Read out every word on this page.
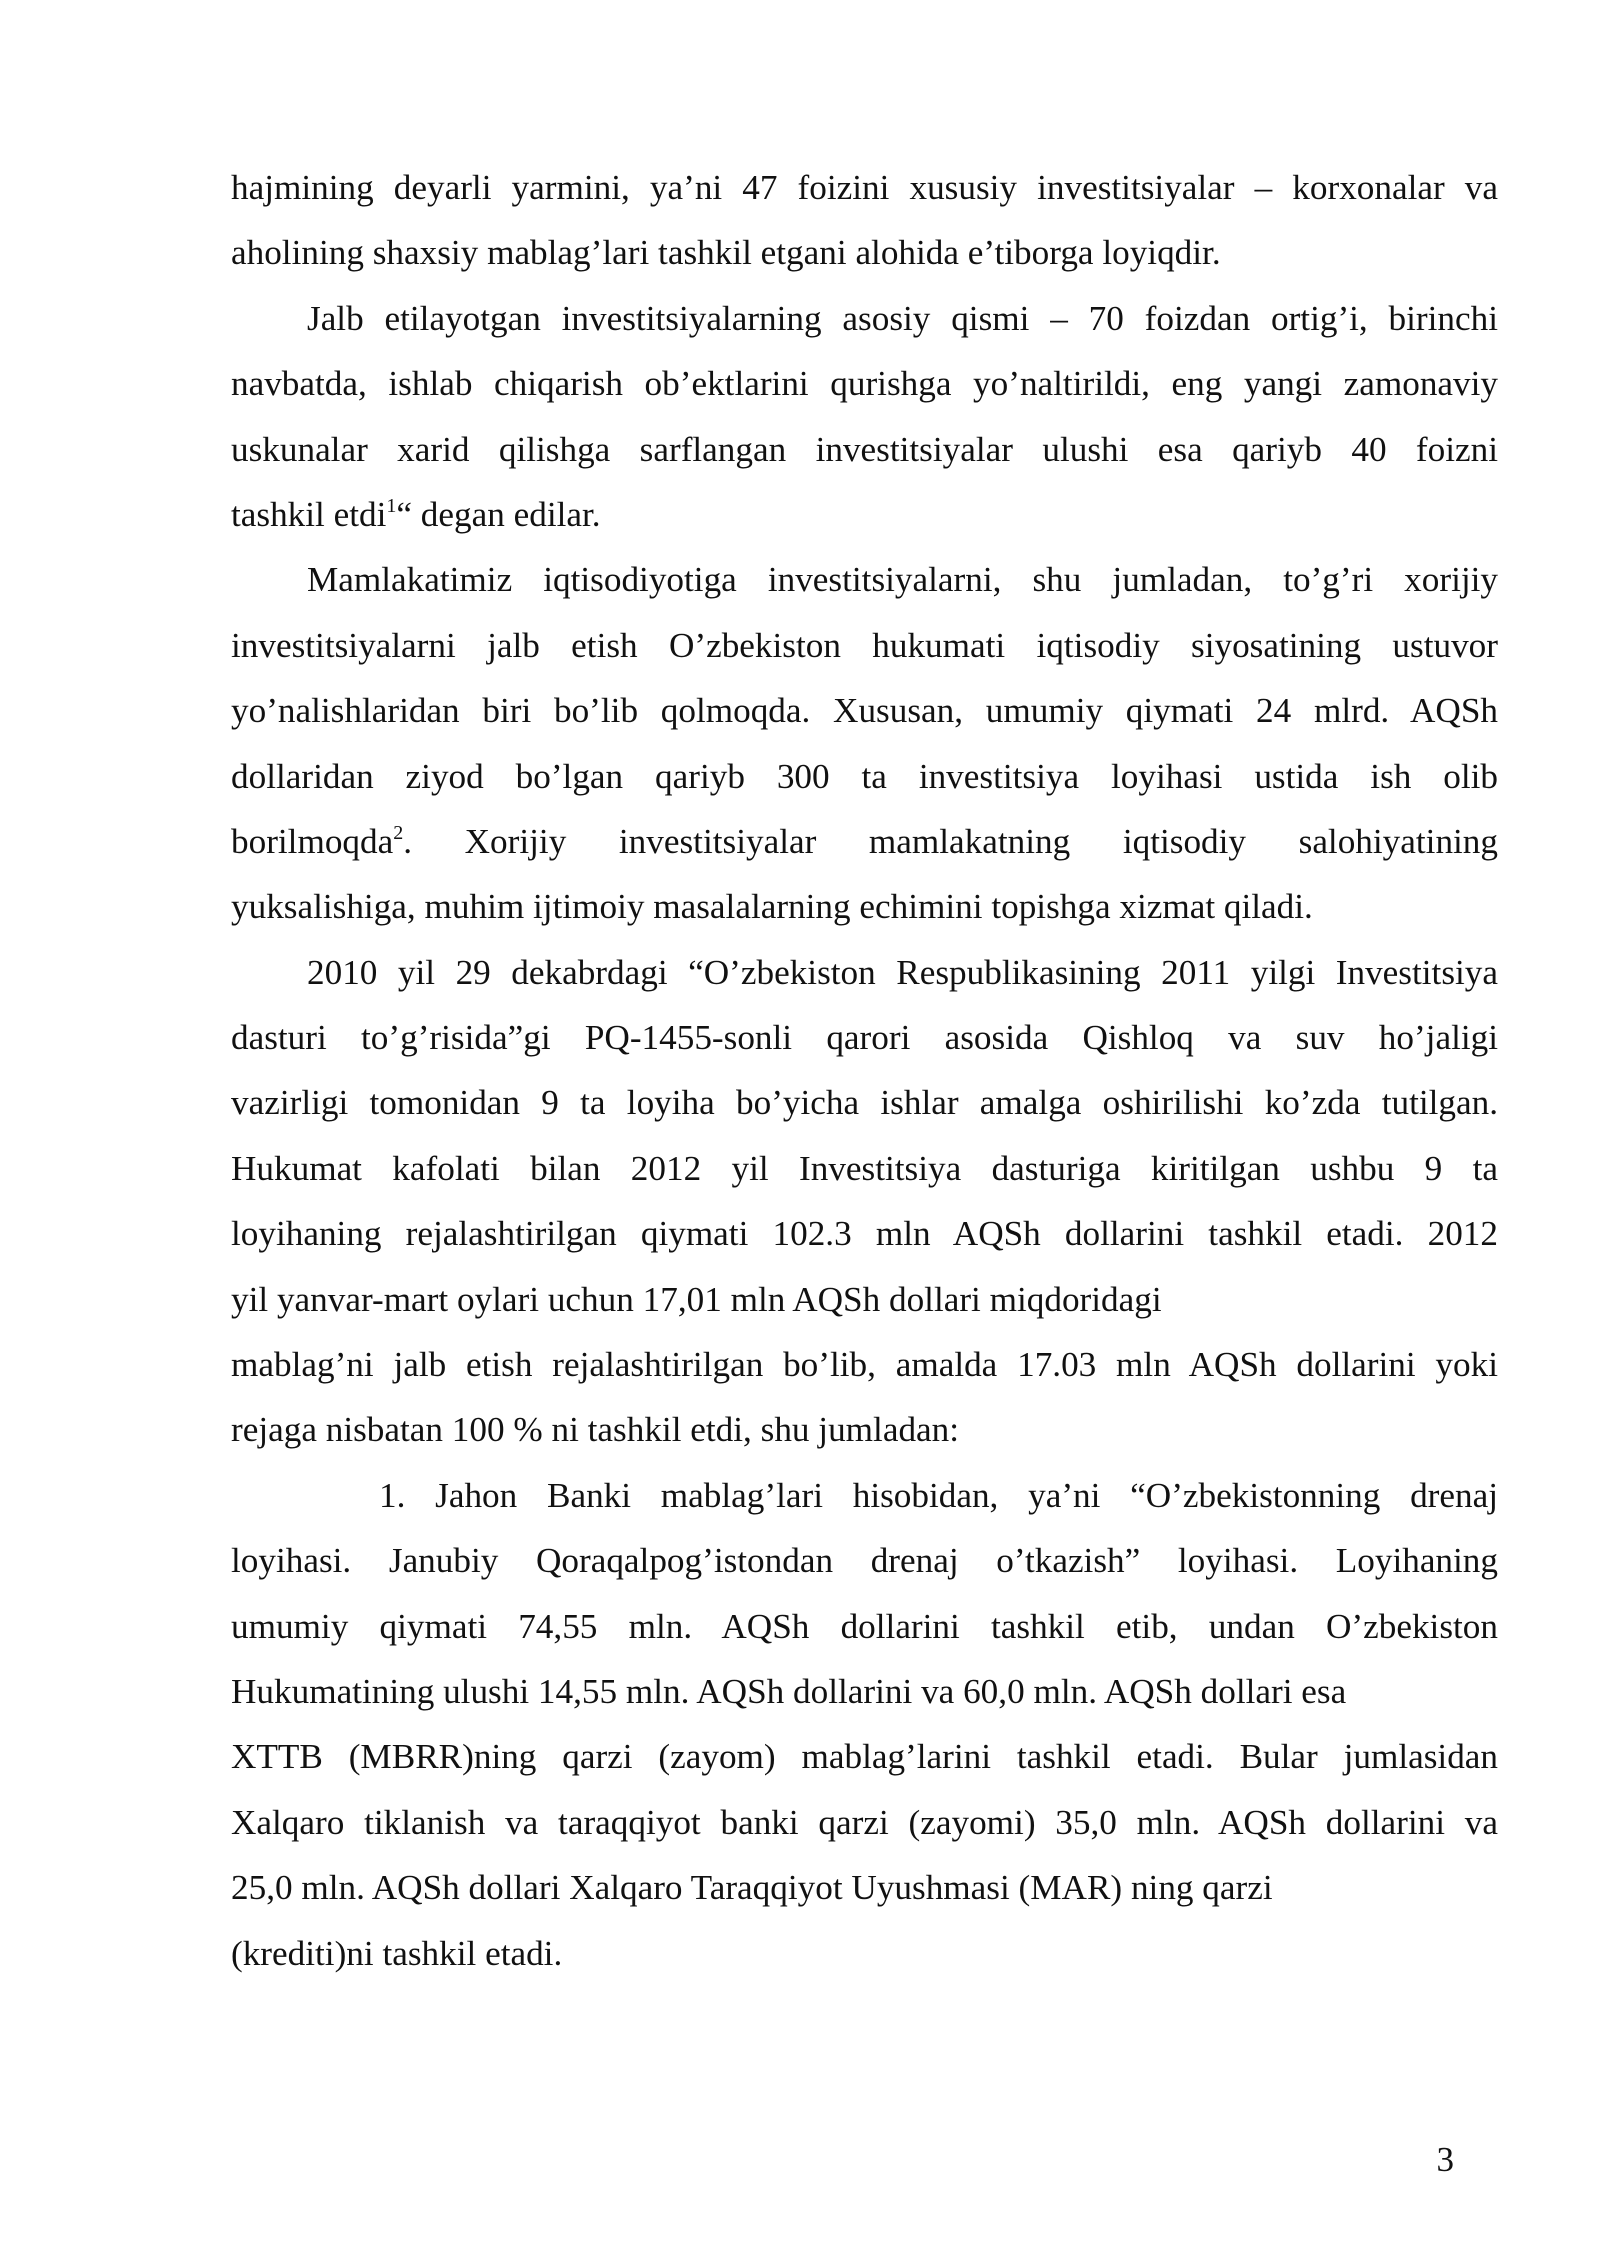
hajmining deyarli yarmini, ya’ni 47 foizini xususiy investitsiyalar – korxonalar va
aholining shaxsiy mablag’lari tashkil etgani alohida e’tiborga loyiqdir.
Jalb etilayotgan investitsiyalarning asosiy qismi – 70 foizdan ortig’i, birinchi
navbatda, ishlab chiqarish ob’ektlarini qurishga yo’naltirildi, eng yangi zamonaviy
uskunalar xarid qilishga sarflangan investitsiyalar ulushi esa qariyb 40 foizni
tashkil etdi$^1$“ degan edilar.
Mamlakatimiz iqtisodiyotiga investitsiyalarni, shu jumladan, to’g’ri xorijiy
investitsiyalarni jalb etish O’zbekiston hukumati iqtisodiy siyosatining ustuvor
yo’nalishlaridan biri bo’lib qolmoqda. Xususan, umumiy qiymati 24 mlrd. AQSh
dollaridan ziyod bo’lgan qariyb 300 ta investitsiya loyihasi ustida ish olib
borilmoqda$^2$. Xorijiy investitsiyalar mamlakatning iqtisodiy salohiyatining
yuksalishiga, muhim ijtimoiy masalalarning echimini topishga xizmat qiladi.
2010 yil 29 dekabrdagi “O’zbekiston Respublikasining 2011 yilgi Investitsiya
dasturi to’g’risida”gi PQ-1455-sonli qarori asosida Qishloq va suv ho’jaligi
vazirligi tomonidan 9 ta loyiha bo’yicha ishlar amalga oshirilishi ko’zda tutilgan.
Hukumat kafolati bilan 2012 yil Investitsiya dasturiga kiritilgan ushbu 9 ta
loyihaning rejalashtirilgan qiymati 102.3 mln AQSh dollarini tashkil etadi. 2012
yil yanvar-mart oylari uchun 17,01 mln AQSh dollari miqdoridagi
mablag’ni jalb etish rejalashtirilgan bo’lib, amalda 17.03 mln AQSh dollarini yoki
rejaga nisbatan 100 % ni tashkil etdi, shu jumladan:
1. Jahon Banki mablag’lari hisobidan, ya’ni “O’zbekistonning drenaj
loyihasi. Janubiy Qoraqalpog’istondan drenaj o’tkazish” loyihasi. Loyihaning
umumiy qiymati 74,55 mln. AQSh dollarini tashkil etib, undan O’zbekiston
Hukumatining ulushi 14,55 mln. AQSh dollarini va 60,0 mln. AQSh dollari esa
XTTB (MBRR)ning qarzi (zayom) mablag’larini tashkil etadi. Bular jumlasidan
Xalqaro tiklanish va taraqqiyot banki qarzi (zayomi) 35,0 mln. AQSh dollarini va
25,0 mln. AQSh dollari Xalqaro Taraqqiyot Uyushmasi (MAR) ning qarzi
(krediti)ni tashkil etadi.
3
